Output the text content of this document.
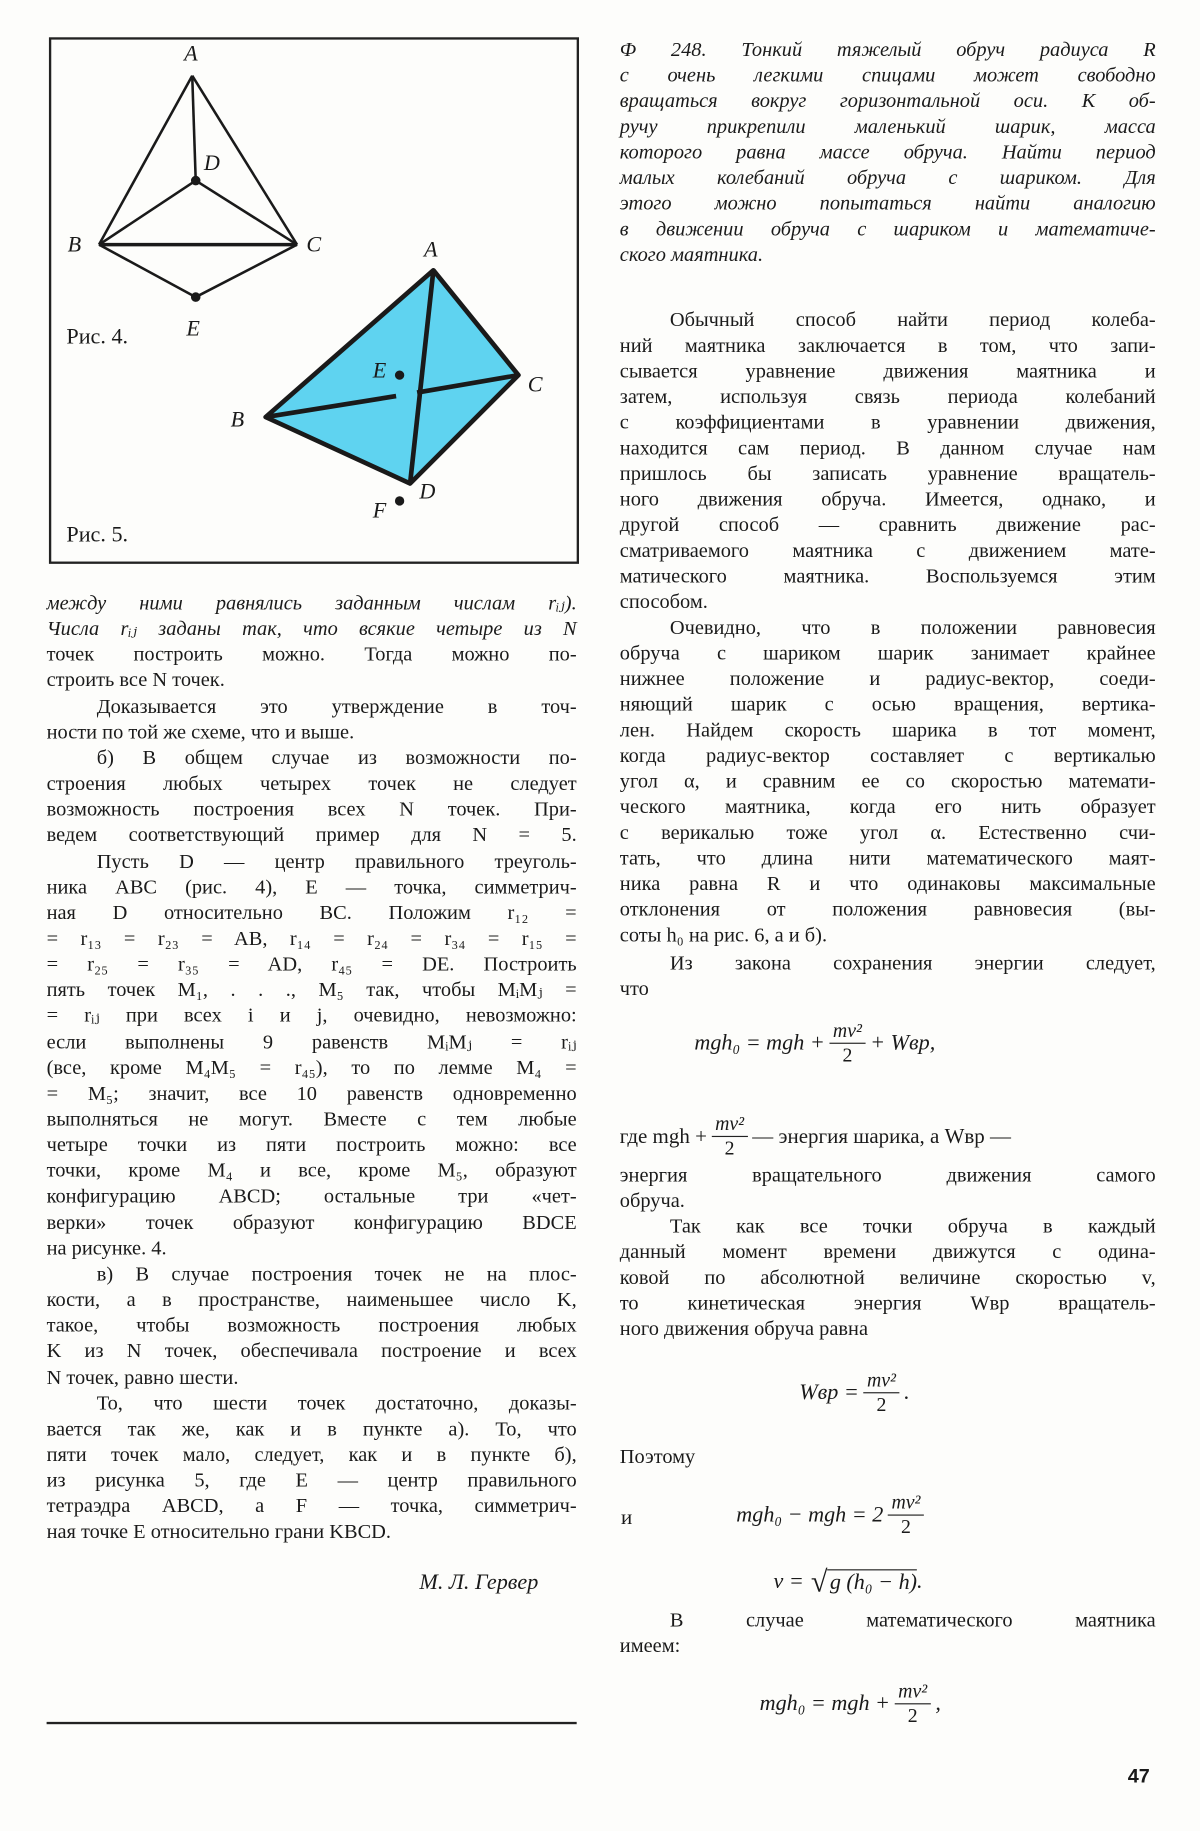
A
D
B	C
E
Рис. 4.
A
C
B
E
D
F
Рис. 5.
между ними равнялись заданным числам rᵢⱼ).
Числа rᵢⱼ заданы так, что всякие четыре из N
точек построить можно. Тогда можно по-
строить все N точек.
Доказывается это утверждение в точ-
ности по той же схеме, что и выше.
б) В общем случае из возможности по-
строения любых четырех точек не следует
возможность построения всех N точек. При-
ведем соответствующий пример для N = 5.
Пусть D — центр правильного треуголь-
ника ABC (рис. 4), E — точка, симметрич-
ная D относительно BC. Положим r₁₂ =
= r₁₃ = r₂₃ = AB, r₁₄ = r₂₄ = r₃₄ = r₁₅ =
= r₂₅ = r₃₅ = AD, r₄₅ = DE. Построить
пять точек M₁, . . ., M₅ так, чтобы MᵢMⱼ =
= rᵢⱼ при всех i и j, очевидно, невозможно:
если выполнены 9 равенств MᵢMⱼ = rᵢⱼ
(все, кроме M₄M₅ = r₄₅), то по лемме M₄ =
= M₅; значит, все 10 равенств одновременно
выполняться не могут. Вместе с тем любые
четыре точки из пяти построить можно: все
точки, кроме M₄ и все, кроме M₅, образуют
конфигурацию ABCD; остальные три «чет-
верки» точек образуют конфигурацию BDCE
на рисунке. 4.
в) В случае построения точек не на плос-
кости, а в пространстве, наименьшее число K,
такое, чтобы возможность построения любых
K из N точек, обеспечивала построение и всех
N точек, равно шести.
То, что шести точек достаточно, доказы-
вается так же, как и в пункте а). То, что
пяти точек мало, следует, как и в пункте б),
из рисунка 5, где E — центр правильного
тетраэдра ABCD, а F — точка, симметрич-
ная точке E относительно грани KBCD.
М. Л. Гервер
Ф 248. Тонкий тяжелый обруч радиуса R
с очень легкими спицами может свободно
вращаться вокруг горизонтальной оси. К об-
ручу прикрепили маленький шарик, масса
которого равна массе обруча. Найти период
малых колебаний обруча с шариком. Для
этого можно попытаться найти аналогию
в движении обруча с шариком и математиче-
ского маятника.
Обычный способ найти период колеба-
ний маятника заключается в том, что запи-
сывается уравнение движения маятника и
затем, используя связь периода колебаний
с коэффициентами в уравнении движения,
находится сам период. В данном случае нам
пришлось бы записать уравнение вращатель-
ного движения обруча. Имеется, однако, и
другой способ — сравнить движение рас-
сматриваемого маятника с движением мате-
матического маятника. Воспользуемся этим
способом.
Очевидно, что в положении равновесия
обруча с шариком шарик занимает крайнее
нижнее положение и радиус-вектор, соеди-
няющий шарик с осью вращения, вертика-
лен. Найдем скорость шарика в тот момент,
когда радиус-вектор составляет с вертикалью
угол α, и сравним ее со скоростью математи-
ческого маятника, когда его нить образует
с верикалью тоже угол α. Естественно счи-
тать, что длина нити математического маят-
ника равна R и что одинаковы максимальные
отклонения от положения равновесия (вы-
соты h₀ на рис. 6, а и б).
Из закона сохранения энергии следует,
что
энергия вращательного движения самого
обруча.
Так как все точки обруча в каждый
данный момент времени движутся с одина-
ковой по абсолютной величине скоростью v,
то кинетическая энергия Wвр вращатель-
ного движения обруча равна
Поэтому
В случае математического маятника
имеем:
mgh₀ = mgh + $\frac{\text{mv²}}{2}$ + Wвр,
где mgh + $\frac{\text{mv²}}{2}$ — энергия шарика, а Wвр —
Wвр = $\frac{\text{mv²}}{2}$ .
и	mgh₀ − mgh = $2 \frac{\text{mv²}}{2}$
v = √ g (h₀ − h) .
mgh₀ = mgh + $\frac{\text{mv²}}{2}$ ,
47
